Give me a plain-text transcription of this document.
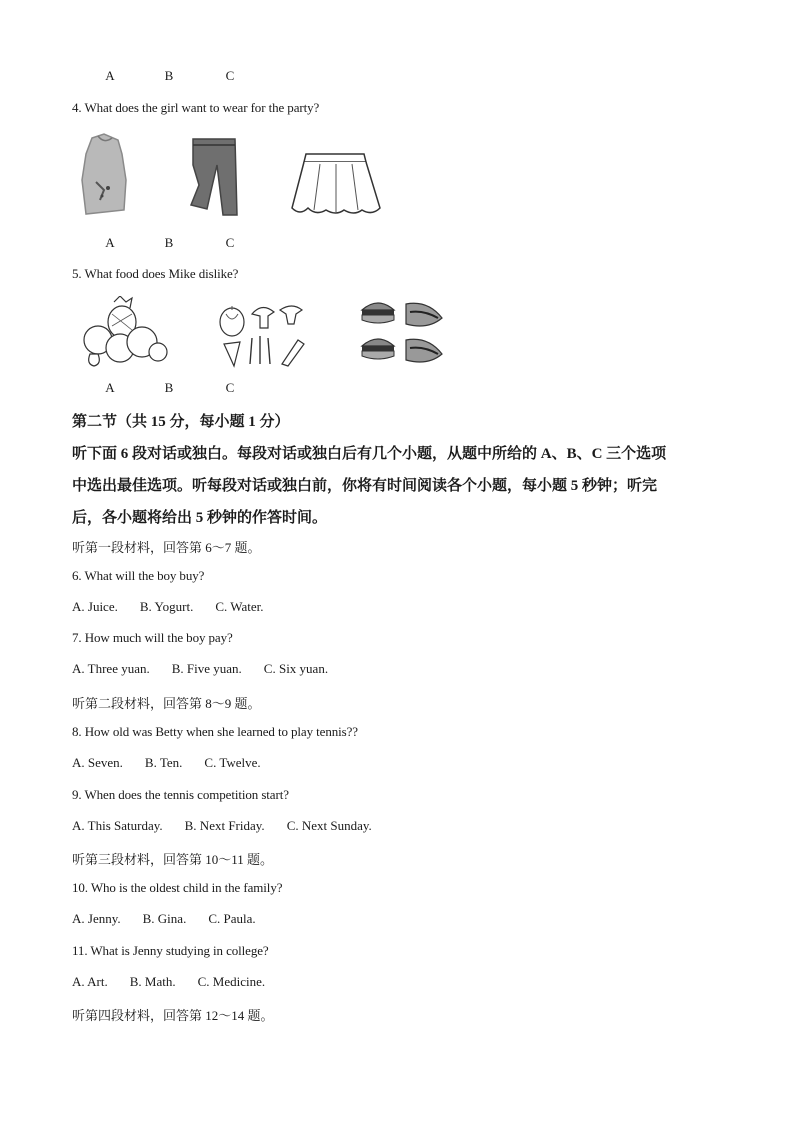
A	B	C
4. What does the girl want to wear for the party?
A	B	C
5. What food does Mike dislike?
A	B	C
第二节（共 15 分，每小题 1 分）
听下面 6 段对话或独白。每段对话或独白后有几个小题，从题中所给的 A、B、C 三个选项
中选出最佳选项。听每段对话或独白前，你将有时间阅读各个小题，每小题 5 秒钟；听完
后，各小题将给出 5 秒钟的作答时间。
听第一段材料，回答第 6～7 题。
6. What will the boy buy?
A. Juice. B. Yogurt. C. Water.
7. How much will the boy pay?
A. Three yuan. B. Five yuan. C. Six yuan.
听第二段材料，回答第 8～9 题。
8. How old was Betty when she learned to play tennis??
A. Seven. B. Ten. C. Twelve.
9. When does the tennis competition start?
A. This Saturday. B. Next Friday. C. Next Sunday.
听第三段材料，回答第 10～11 题。
10. Who is the oldest child in the family?
A. Jenny. B. Gina. C. Paula.
11. What is Jenny studying in college?
A. Art. B. Math. C. Medicine.
听第四段材料，回答第 12～14 题。
